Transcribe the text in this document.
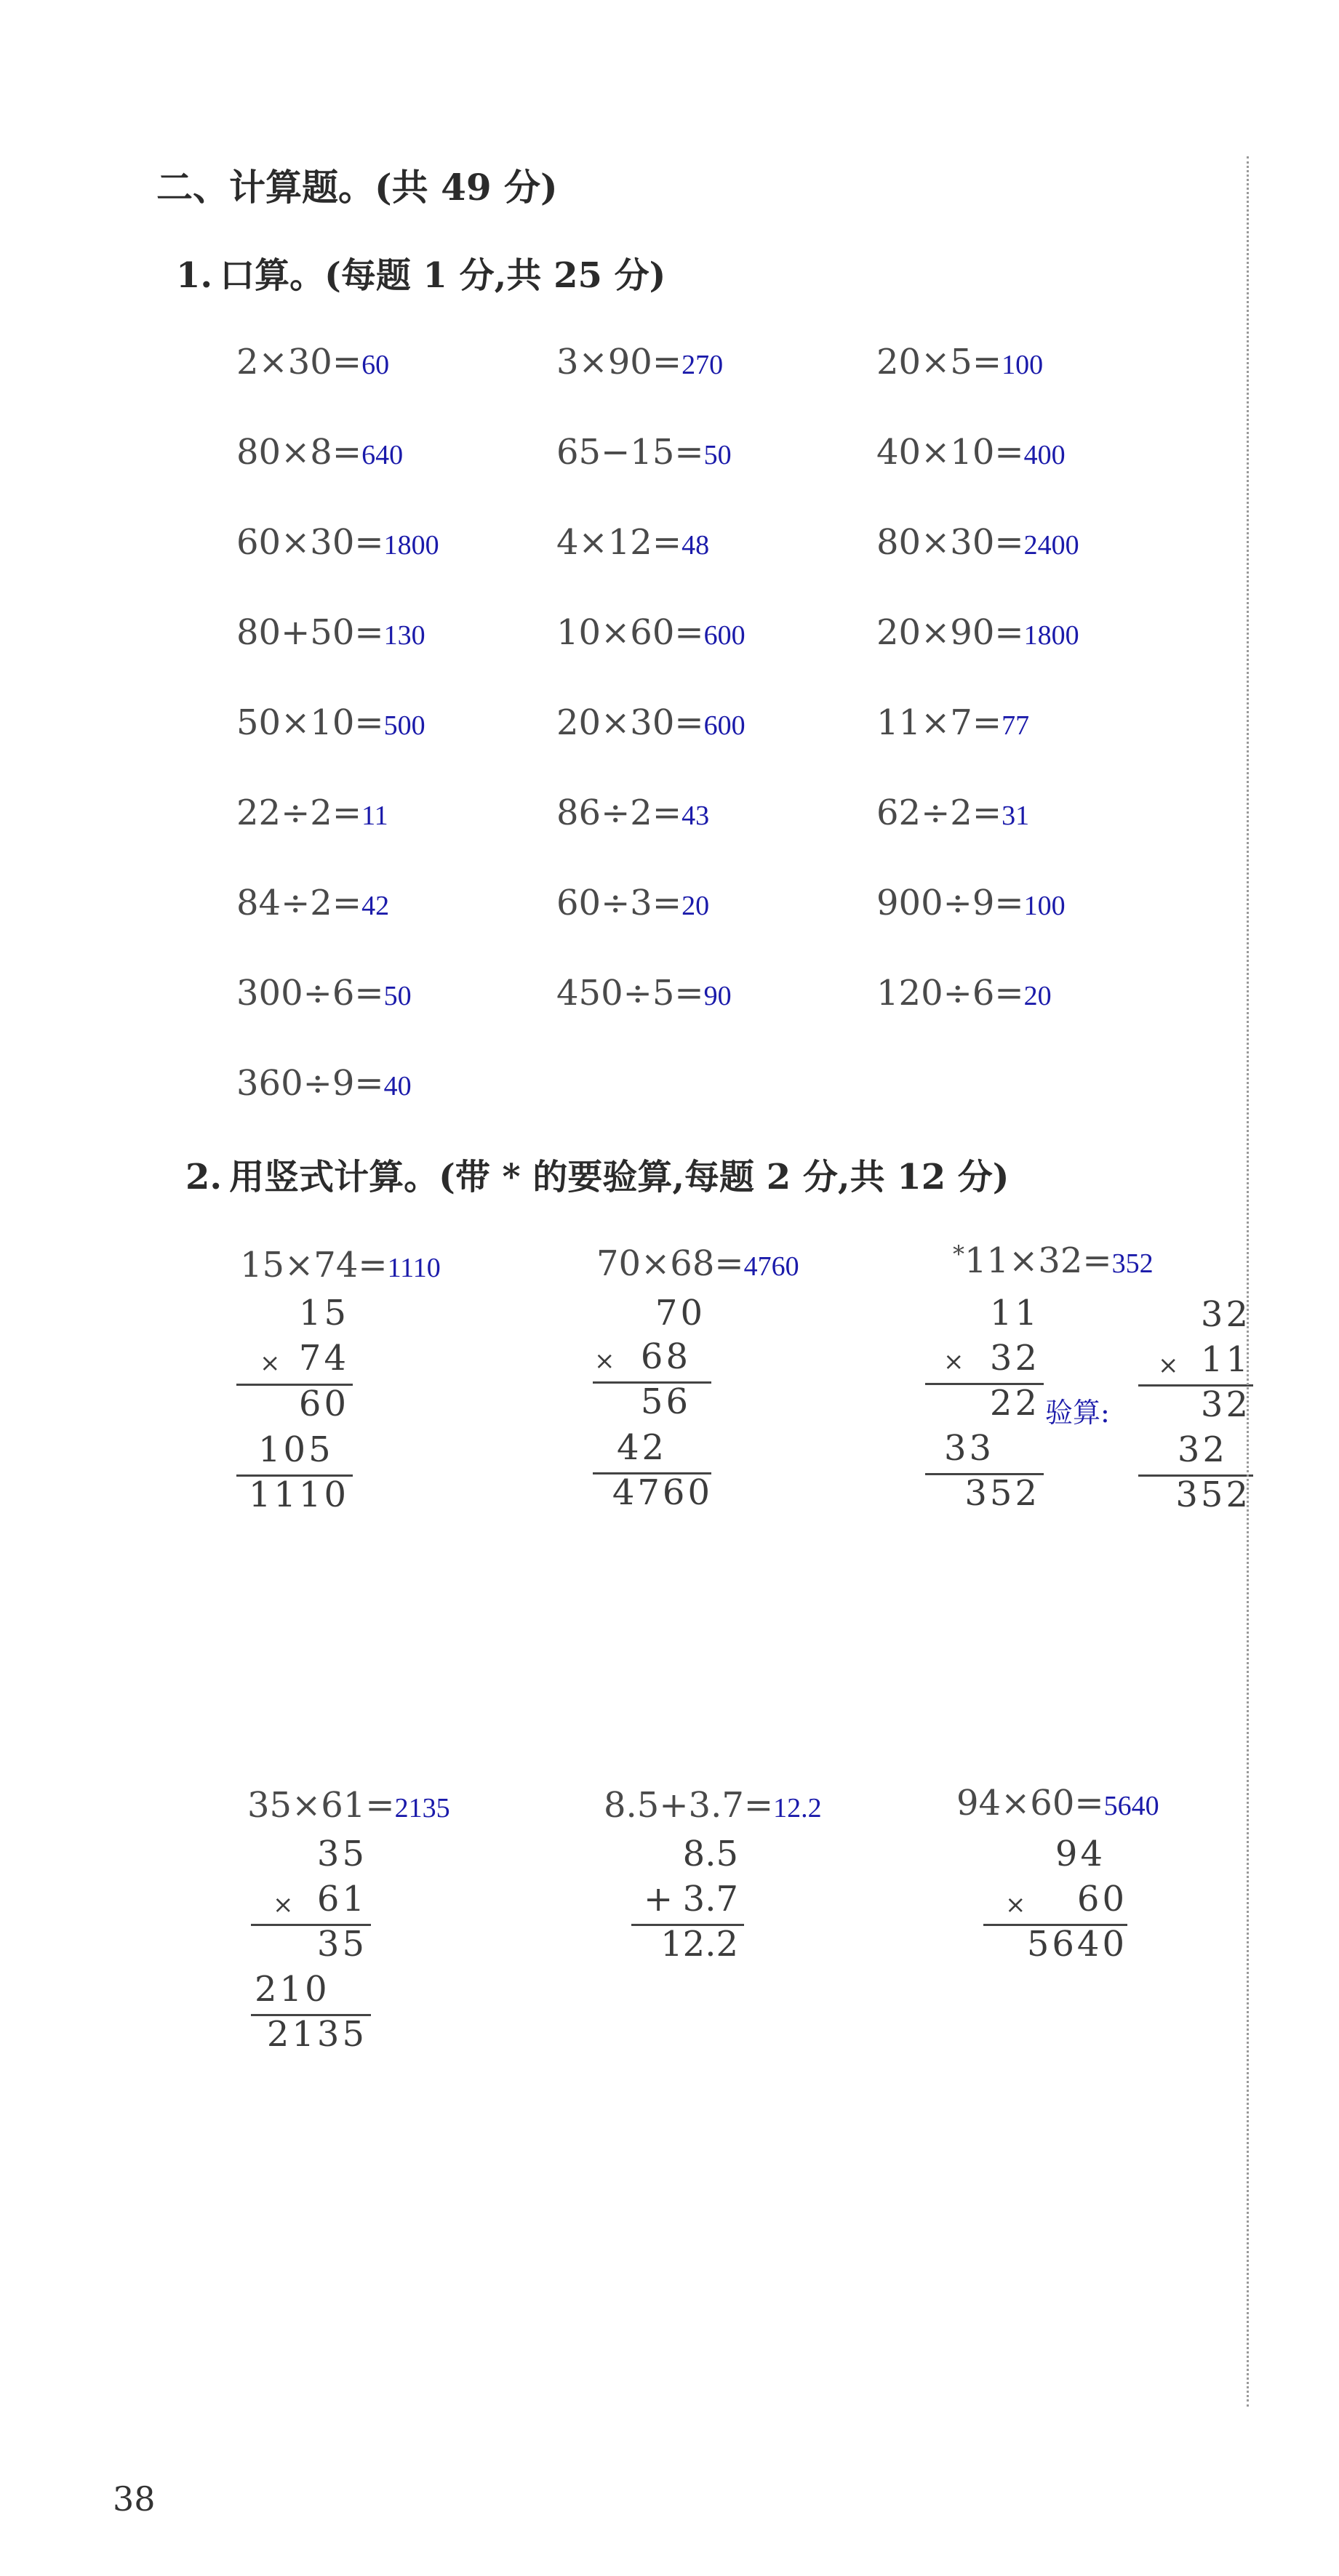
二、计算题。(共 49 分)
1. 口算。(每题 1 分,共 25 分)
2×30=60	3×90=270	20×5=100
80×8=640	65−15=50	40×10=400
60×30=1800	4×12=48	80×30=2400
80+50=130	10×60=600	20×90=1800
50×10=500	20×30=600	11×7=77
22÷2=11	86÷2=43	62÷2=31
84÷2=42	60÷3=20	900÷9=100
300÷6=50	450÷5=90	120÷6=20
360÷9=40
2. 用竖式计算。(带 * 的要验算,每题 2 分,共 12 分)
15×74=1110
15
× 74
60
105
1110
70×68=4760
70
× 68
56
42
4760
*11×32=352
11
× 32
22
33
352
验算:
32
× 11
32
32
352
35×61=2135
35
× 61
35
210
2135
8.5+3.7=12.2
8.5
+ 3.7
12.2
94×60=5640
94
×	60
5640
38
